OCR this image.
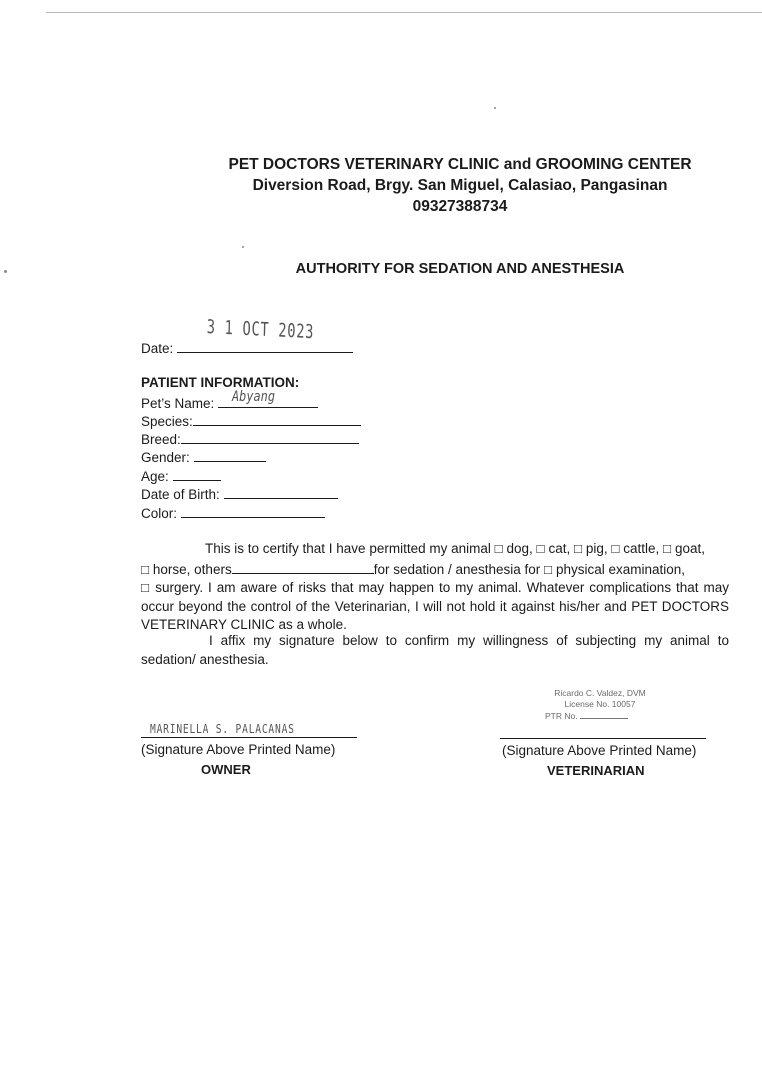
PET DOCTORS VETERINARY CLINIC and GROOMING CENTER
Diversion Road, Brgy. San Miguel, Calasiao, Pangasinan
09327388734
AUTHORITY FOR SEDATION AND ANESTHESIA
3 1 OCT 2023
Date:
PATIENT INFORMATION:
Abyang
Pet’s Name:
Species:
Breed:
Gender:
Age:
Date of Birth:
Color:
This is to certify that I have permitted my animal □ dog, □ cat, □ pig, □ cattle, □ goat,
□ horse, others	for sedation / anesthesia for □ physical examination,
□ surgery. I am aware of risks that may happen to my animal. Whatever complications that may occur beyond the control of the Veterinarian, I will not hold it against his/her and PET DOCTORS VETERINARY CLINIC as a whole.
I affix my signature below to confirm my willingness of subjecting my animal to sedation/ anesthesia.
Ricardo C. Valdez, DVM
License No. 10057
PTR No.
MARINELLA S. PALACANAS
(Signature Above Printed Name)
OWNER
(Signature Above Printed Name)
VETERINARIAN
